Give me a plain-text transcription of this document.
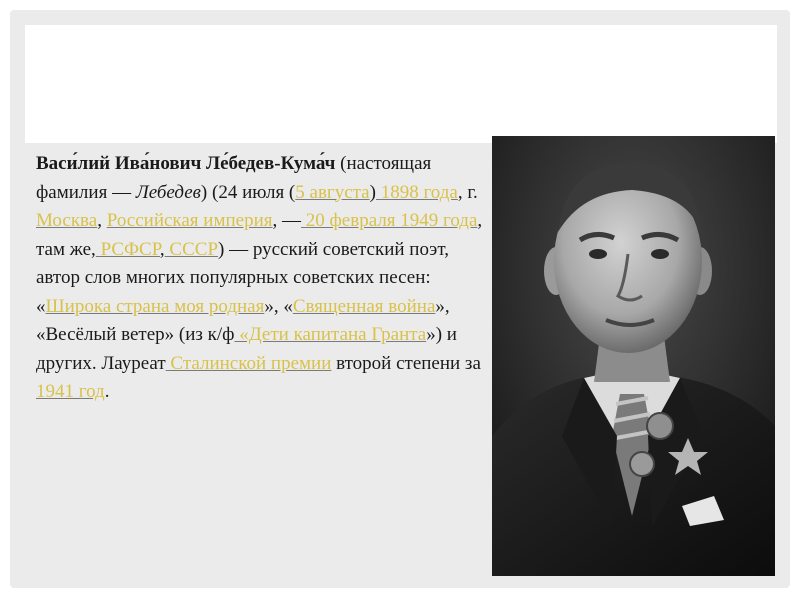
Васи́лий Ива́нович Ле́бедев-Кума́ч (настоящая фамилия — Лебедев) (24 июля (5 августа) 1898 года, г. Москва, Российская империя, — 20 февраля 1949 года, там же, РСФСР, СССР) — русский советский поэт, автор слов многих популярных советских песен: «Широка страна моя родная», «Священная война», «Весёлый ветер» (из к/ф «Дети капитана Гранта») и других. Лауреат Сталинской премии второй степени за 1941 год.
